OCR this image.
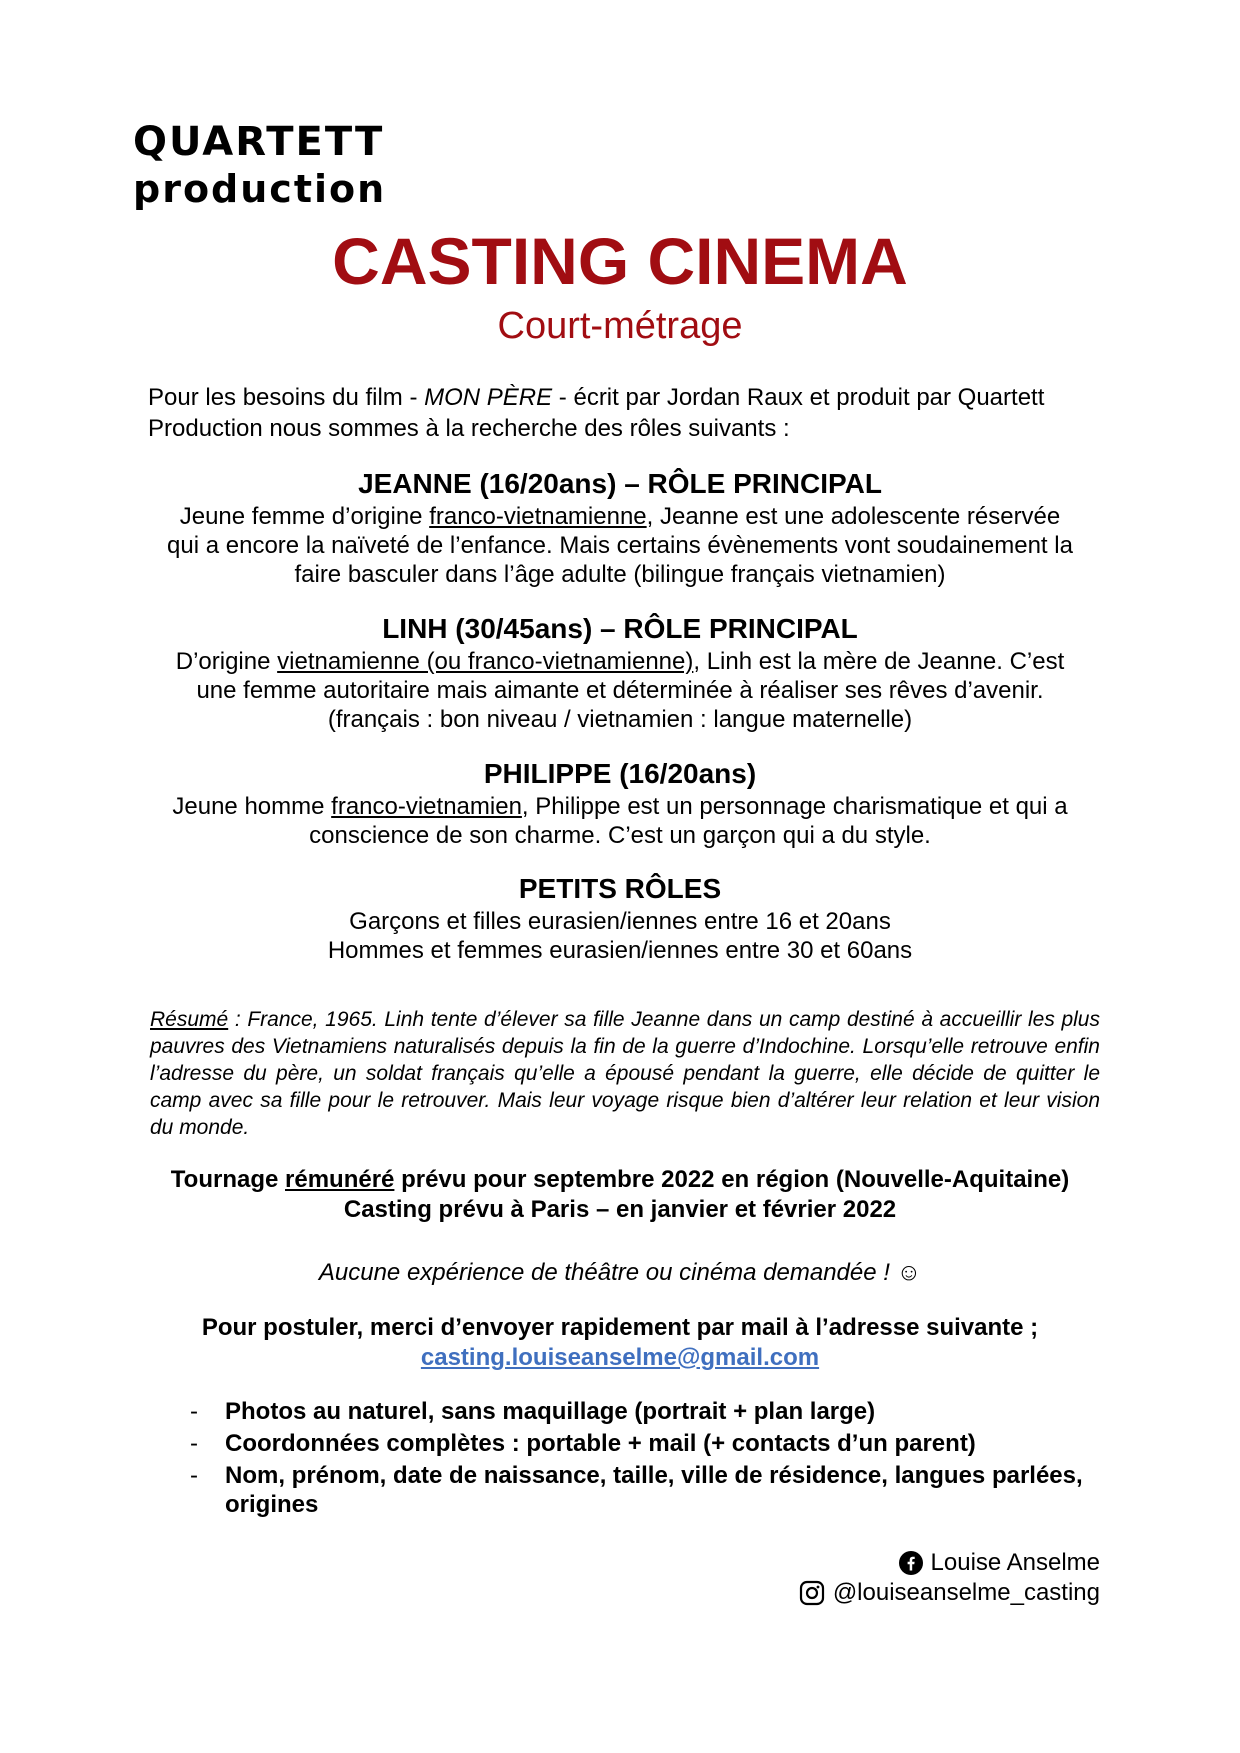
QUARTETT
production
CASTING CINEMA
Court-métrage
Pour les besoins du film - MON PÈRE - écrit par Jordan Raux et produit par Quartett
Production nous sommes à la recherche des rôles suivants :
JEANNE (16/20ans) – RÔLE PRINCIPAL
Jeune femme d’origine franco-vietnamienne, Jeanne est une adolescente réservée
qui a encore la naïveté de l’enfance. Mais certains évènements vont soudainement la
faire basculer dans l’âge adulte (bilingue français vietnamien)
LINH (30/45ans) – RÔLE PRINCIPAL
D’origine vietnamienne (ou franco-vietnamienne), Linh est la mère de Jeanne. C’est
une femme autoritaire mais aimante et déterminée à réaliser ses rêves d’avenir.
(français : bon niveau / vietnamien : langue maternelle)
PHILIPPE (16/20ans)
Jeune homme franco-vietnamien, Philippe est un personnage charismatique et qui a
conscience de son charme. C’est un garçon qui a du style.
PETITS RÔLES
Garçons et filles eurasien/iennes entre 16 et 20ans
Hommes et femmes eurasien/iennes entre 30 et 60ans
Résumé : France, 1965. Linh tente d’élever sa fille Jeanne dans un camp destiné à accueillir les plus pauvres des Vietnamiens naturalisés depuis la fin de la guerre d’Indochine. Lorsqu’elle retrouve enfin l’adresse du père, un soldat français qu’elle a épousé pendant la guerre, elle décide de quitter le camp avec sa fille pour le retrouver. Mais leur voyage risque bien d’altérer leur relation et leur vision du monde.
Tournage rémunéré prévu pour septembre 2022 en région (Nouvelle-Aquitaine)
Casting prévu à Paris – en janvier et février 2022
Aucune expérience de théâtre ou cinéma demandée ! ☺
Pour postuler, merci d’envoyer rapidement par mail à l’adresse suivante ;
casting.louiseanselme@gmail.com
- Photos au naturel, sans maquillage (portrait + plan large)
- Coordonnées complètes : portable + mail (+ contacts d’un parent)
- Nom, prénom, date de naissance, taille, ville de résidence, langues parlées, origines
Louise Anselme
@louiseanselme_casting
